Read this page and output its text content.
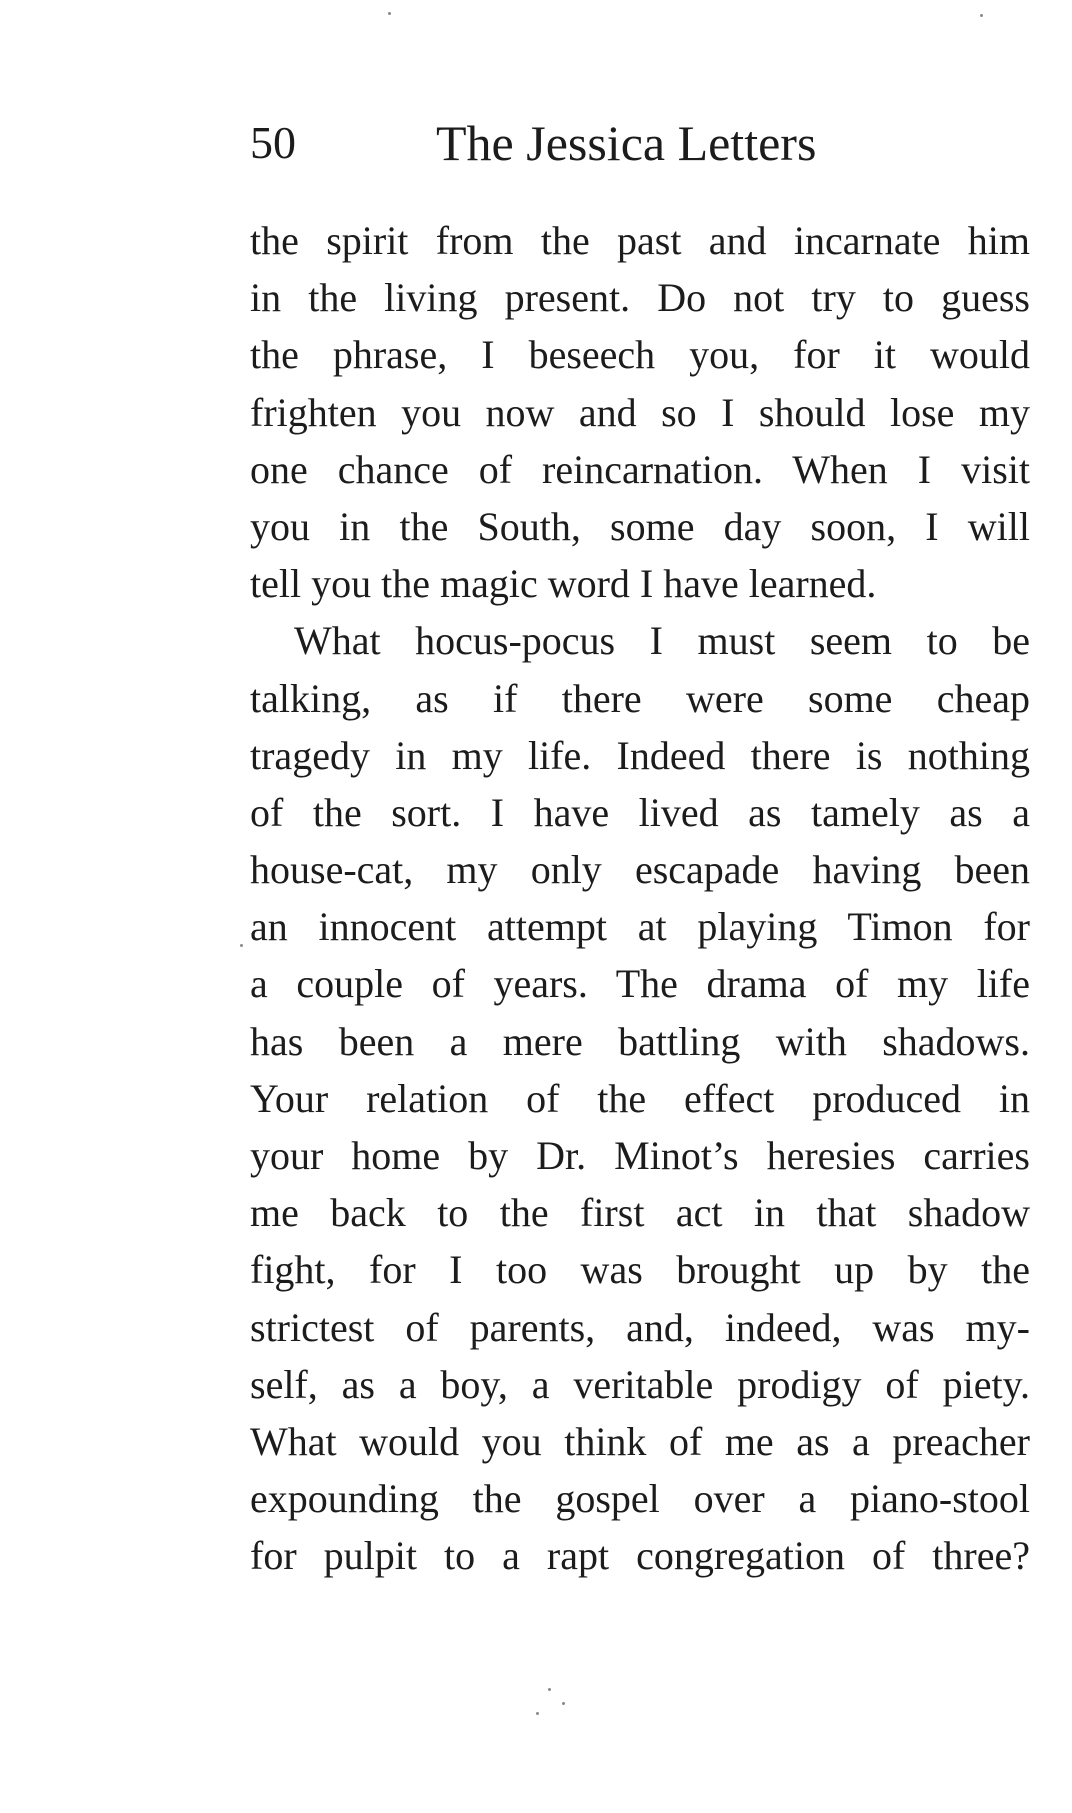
50	The Jessica Letters
the spirit from the past and incarnate him
in the living present. Do not try to guess
the phrase, I beseech you, for it would
frighten you now and so I should lose my
one chance of reincarnation. When I visit
you in the South, some day soon, I will
tell you the magic word I have learned.
What hocus-pocus I must seem to be
talking, as if there were some cheap
tragedy in my life. Indeed there is nothing
of the sort. I have lived as tamely as a
house-cat, my only escapade having been
an innocent attempt at playing Timon for
a couple of years. The drama of my life
has been a mere battling with shadows.
Your relation of the effect produced in
your home by Dr. Minot’s heresies carries
me back to the first act in that shadow
fight, for I too was brought up by the
strictest of parents, and, indeed, was my-
self, as a boy, a veritable prodigy of piety.
What would you think of me as a preacher
expounding the gospel over a piano-stool
for pulpit to a rapt congregation of three?
